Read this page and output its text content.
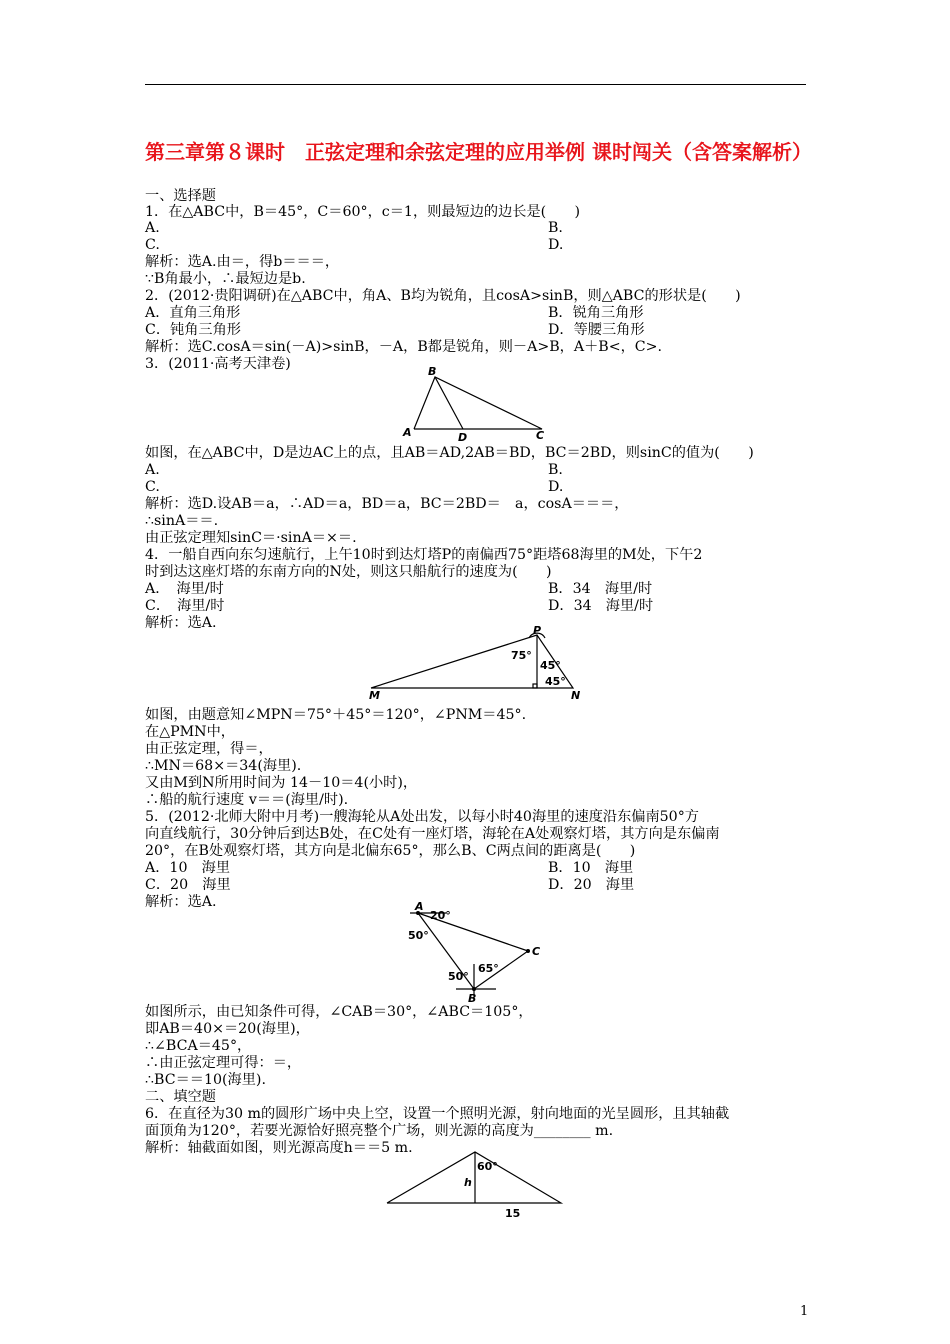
第三章第８课时　正弦定理和余弦定理的应用举例 课时闯关（含答案解析）
一、选择题
1．在△ABC中，B＝45°，C＝60°，c＝1，则最短边的边长是(　　)
A.	B.
C.	D.
解析：选A.由＝，得b＝＝＝，
∵B角最小，∴最短边是b.
2．(2012·贵阳调研)在△ABC中，角A、B均为锐角，且cosA>sinB，则△ABC的形状是(　　)
A．直角三角形	B．锐角三角形
C．钝角三角形	D．等腰三角形
解析：选C.cosA＝sin(－A)>sinB，－A，B都是锐角，则－A>B，A＋B<，C>.
3．(2011·高考天津卷)
如图，在△ABC中，D是边AC上的点，且AB＝AD,2AB＝BD，BC＝2BD，则sinC的值为(　　)
A.	B.
C.	D.
解析：选D.设AB＝a，∴AD＝a，BD＝a，BC＝2BD＝　a，cosA＝＝＝，
∴sinA＝＝.
由正弦定理知sinC＝·sinA＝×＝.
4．一船自西向东匀速航行，上午10时到达灯塔P的南偏西75°距塔68海里的M处，下午2
时到达这座灯塔的东南方向的N处，则这只船航行的速度为(　　)
A．　海里/时	B．34　海里/时
C．　海里/时	D．34　海里/时
解析：选A.
如图，由题意知∠MPN＝75°＋45°＝120°，∠PNM＝45°.
在△PMN中，
由正弦定理，得＝，
∴MN＝68×＝34(海里).
又由M到N所用时间为 14－10＝4(小时)，
∴船的航行速度 v＝＝(海里/时).
5．(2012·北师大附中月考)一艘海轮从A处出发，以每小时40海里的速度沿东偏南50°方
向直线航行，30分钟后到达B处，在C处有一座灯塔，海轮在A处观察灯塔，其方向是东偏南
20°，在B处观察灯塔，其方向是北偏东65°，那么B、C两点间的距离是(　　)
A．10　海里	B．10　海里
C．20　海里	D．20　海里
解析：选A.
如图所示，由已知条件可得，∠CAB＝30°，∠ABC＝105°，
即AB＝40×＝20(海里)，
∴∠BCA＝45°，
∴由正弦定理可得：＝，
∴BC＝＝10(海里).
二、填空题
6．在直径为30 m的圆形广场中央上空，设置一个照明光源，射向地面的光呈圆形，且其轴截
面顶角为120°，若要光源恰好照亮整个广场，则光源的高度为________ m.
解析：轴截面如图，则光源高度h＝＝5 m.
B
A	D	C
P
M	N
75°
45°
45°
A
B
C
20°
50°
50°
65°
h
60°
15
1
